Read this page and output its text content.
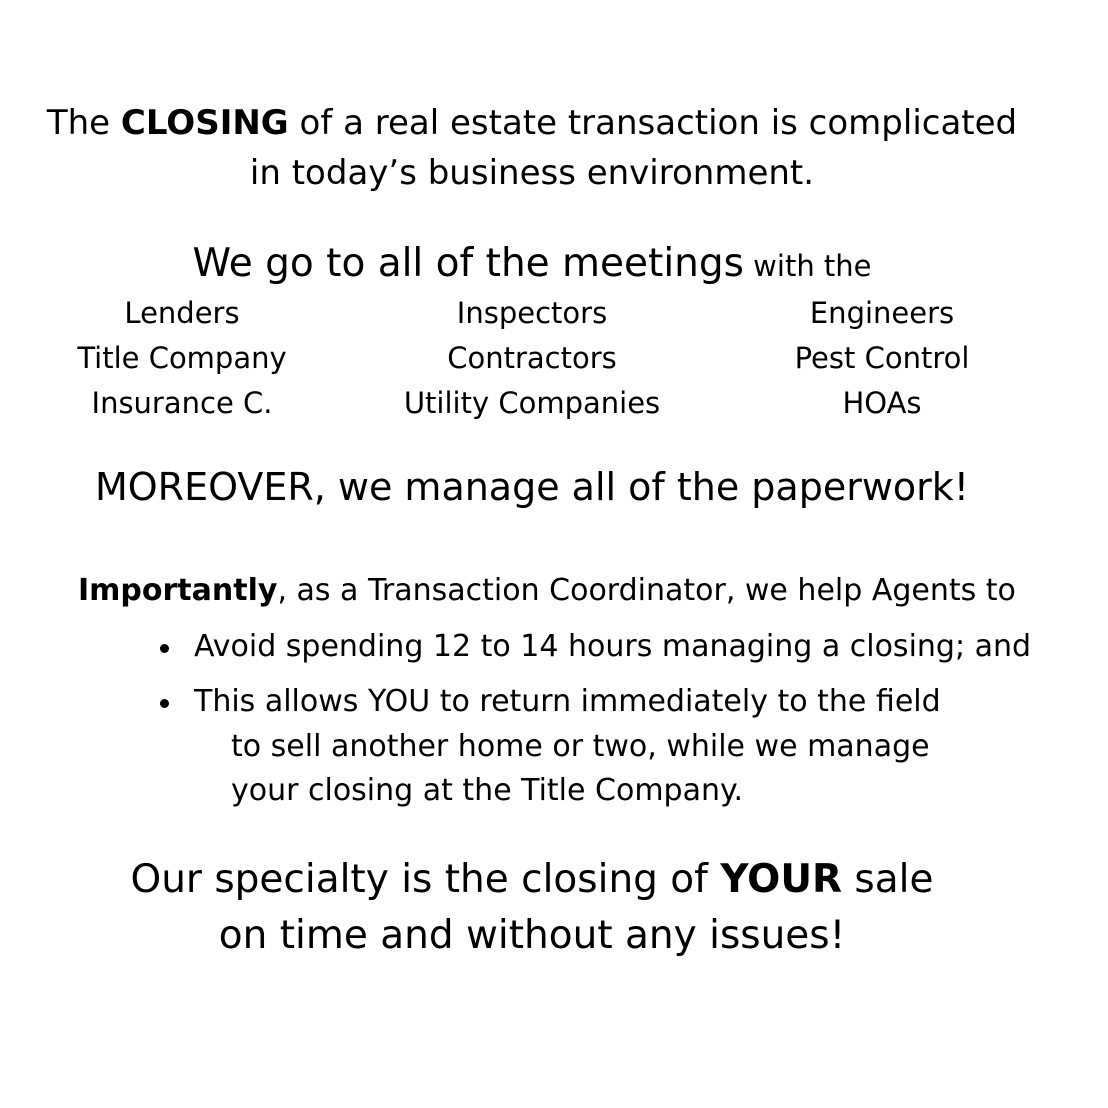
The CLOSING of a real estate transaction is complicated
in today’s business environment.
We go to all of the meetings with the
Lenders	Inspectors	Engineers
Title Company	Contractors	Pest Control
Insurance C.	Utility Companies	HOAs
MOREOVER, we manage all of the paperwork!
Importantly, as a Transaction Coordinator, we help Agents to
Avoid spending 12 to 14 hours managing a closing; and
This allows YOU to return immediately to the field
to sell another home or two, while we manage
your closing at the Title Company.
Our specialty is the closing of YOUR sale
on time and without any issues!
